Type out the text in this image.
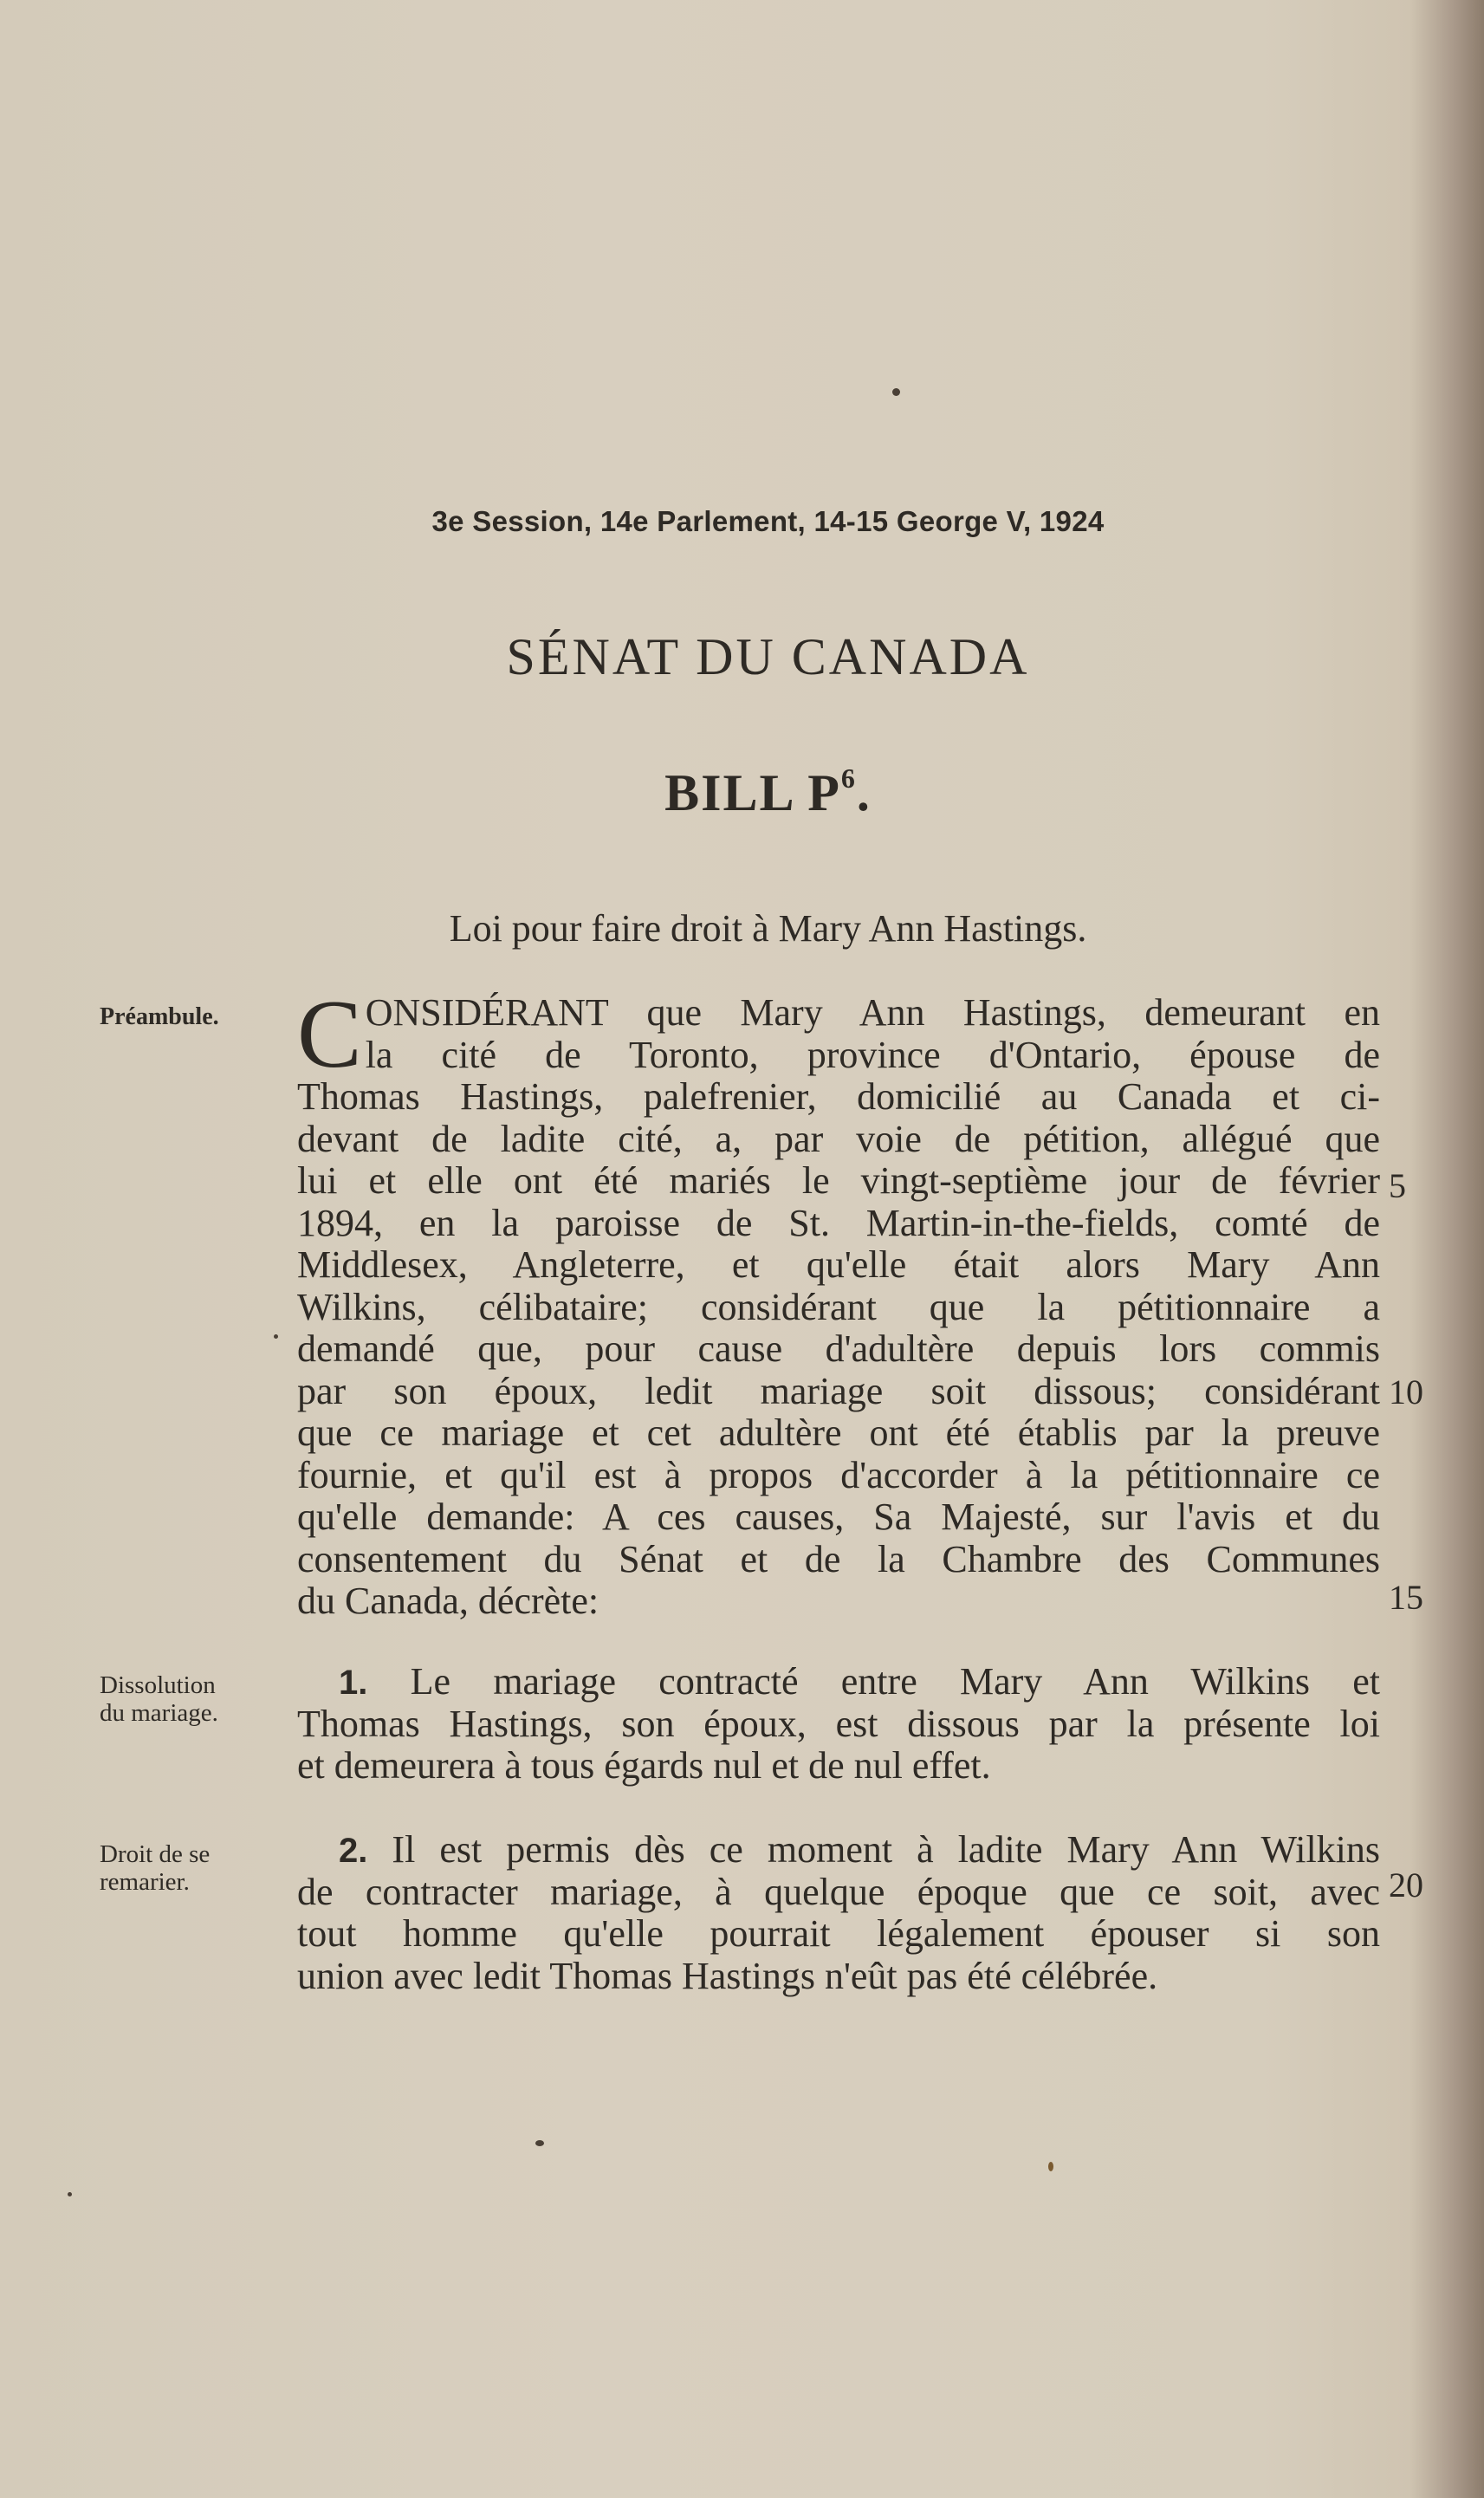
3e Session, 14e Parlement, 14-15 George V, 1924
SÉNAT DU CANADA
BILL $P^6$.
Loi pour faire droit à Mary Ann Hastings.
Préambule.
Dissolution
du mariage.
Droit de se
remarier.
C ONSIDÉRANT que Mary Ann Hastings, demeurant en
la cité de Toronto, province d'Ontario, épouse de
Thomas Hastings, palefrenier, domicilié au Canada et ci-
devant de ladite cité, a, par voie de pétition, allégué que
lui et elle ont été mariés le vingt-septième jour de février
1894, en la paroisse de St. Martin-in-the-fields, comté de
Middlesex, Angleterre, et qu'elle était alors Mary Ann
Wilkins, célibataire; considérant que la pétitionnaire a
demandé que, pour cause d'adultère depuis lors commis
par son époux, ledit mariage soit dissous; considérant
que ce mariage et cet adultère ont été établis par la preuve
fournie, et qu'il est à propos d'accorder à la pétitionnaire ce
qu'elle demande: A ces causes, Sa Majesté, sur l'avis et du
consentement du Sénat et de la Chambre des Communes
du Canada, décrète:
1. Le mariage contracté entre Mary Ann Wilkins et
Thomas Hastings, son époux, est dissous par la présente loi
et demeurera à tous égards nul et de nul effet.
2. Il est permis dès ce moment à ladite Mary Ann Wilkins
de contracter mariage, à quelque époque que ce soit, avec
tout homme qu'elle pourrait légalement épouser si son
union avec ledit Thomas Hastings n'eût pas été célébrée.
5
10
15
20
